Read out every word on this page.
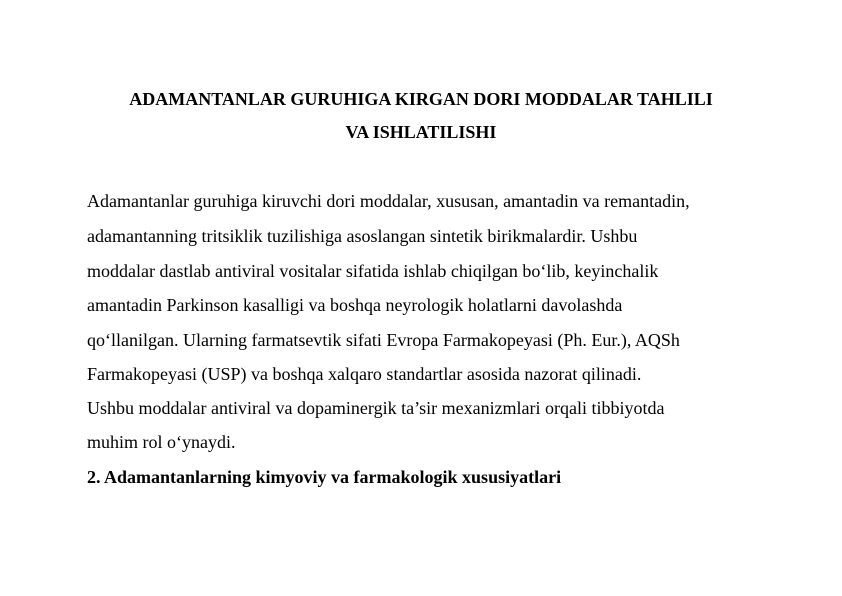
ADAMANTANLAR GURUHIGA KIRGAN DORI MODDALAR TAHLILI
VA ISHLATILISHI
Adamantanlar guruhiga kiruvchi dori moddalar, xususan, amantadin va remantadin,
adamantanning tritsiklik tuzilishiga asoslangan sintetik birikmalardir. Ushbu
moddalar dastlab antiviral vositalar sifatida ishlab chiqilgan bo‘lib, keyinchalik
amantadin Parkinson kasalligi va boshqa neyrologik holatlarni davolashda
qo‘llanilgan. Ularning farmatsevtik sifati Evropa Farmakopeyasi (Ph. Eur.), AQSh
Farmakopeyasi (USP) va boshqa xalqaro standartlar asosida nazorat qilinadi.
Ushbu moddalar antiviral va dopaminergik ta’sir mexanizmlari orqali tibbiyotda
muhim rol o‘ynaydi.
2. Adamantanlarning kimyoviy va farmakologik xususiyatlari
